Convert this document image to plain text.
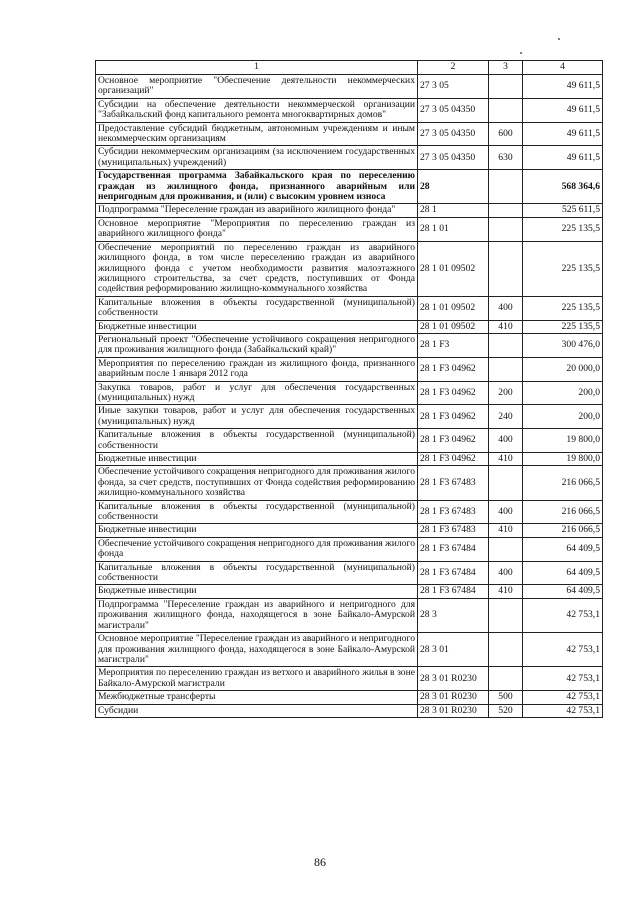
1	2	3	4
Основное мероприятие "Обеспечение деятельности некоммерческих организаций"	27 3 05		49 611,5
Субсидии на обеспечение деятельности некоммерческой организации "Забайкальский фонд капитального ремонта многоквартирных домов"	27 3 05 04350		49 611,5
Предоставление субсидий бюджетным, автономным учреждениям и иным некоммерческим организациям	27 3 05 04350	600	49 611,5
Субсидии некоммерческим организациям (за исключением государственных (муниципальных) учреждений)	27 3 05 04350	630	49 611,5
Государственная программа Забайкальского края по переселению граждан из жилищного фонда, признанного аварийным или непригодным для проживания, и (или) с высоким уровнем износа	28		568 364,6
Подпрограмма "Переселение граждан из аварийного жилищного фонда"	28 1		525 611,5
Основное мероприятие "Мероприятия по переселению граждан из аварийного жилищного фонда"	28 1 01		225 135,5
Обеспечение мероприятий по переселению граждан из аварийного жилищного фонда, в том числе переселению граждан из аварийного жилищного фонда с учетом необходимости развития малоэтажного жилищного строительства, за счет средств, поступивших от Фонда содействия реформированию жилищно-коммунального хозяйства	28 1 01 09502		225 135,5
Капитальные вложения в объекты государственной (муниципальной) собственности	28 1 01 09502	400	225 135,5
Бюджетные инвестиции	28 1 01 09502	410	225 135,5
Региональный проект "Обеспечение устойчивого сокращения непригодного для проживания жилищного фонда (Забайкальский край)"	28 1 F3		300 476,0
Мероприятия по переселению граждан из жилищного фонда, признанного аварийным после 1 января 2012 года	28 1 F3 04962		20 000,0
Закупка товаров, работ и услуг для обеспечения государственных (муниципальных) нужд	28 1 F3 04962	200	200,0
Иные закупки товаров, работ и услуг для обеспечения государственных (муниципальных) нужд	28 1 F3 04962	240	200,0
Капитальные вложения в объекты государственной (муниципальной) собственности	28 1 F3 04962	400	19 800,0
Бюджетные инвестиции	28 1 F3 04962	410	19 800,0
Обеспечение устойчивого сокращения непригодного для проживания жилого фонда, за счет средств, поступивших от Фонда содействия реформированию жилищно-коммунального хозяйства	28 1 F3 67483		216 066,5
Капитальные вложения в объекты государственной (муниципальной) собственности	28 1 F3 67483	400	216 066,5
Бюджетные инвестиции	28 1 F3 67483	410	216 066,5
Обеспечение устойчивого сокращения непригодного для проживания жилого фонда	28 1 F3 67484		64 409,5
Капитальные вложения в объекты государственной (муниципальной) собственности	28 1 F3 67484	400	64 409,5
Бюджетные инвестиции	28 1 F3 67484	410	64 409,5
Подпрограмма "Переселение граждан из аварийного и непригодного для проживания жилищного фонда, находящегося в зоне Байкало-Амурской магистрали"	28 3		42 753,1
Основное мероприятие "Переселение граждан из аварийного и непригодного для проживания жилищного фонда, находящегося в зоне Байкало-Амурской магистрали"	28 3 01		42 753,1
Мероприятия по переселению граждан из ветхого и аварийного жилья в зоне Байкало-Амурской магистрали	28 3 01 R0230		42 753,1
Межбюджетные трансферты	28 3 01 R0230	500	42 753,1
Субсидии	28 3 01 R0230	520	42 753,1
86
